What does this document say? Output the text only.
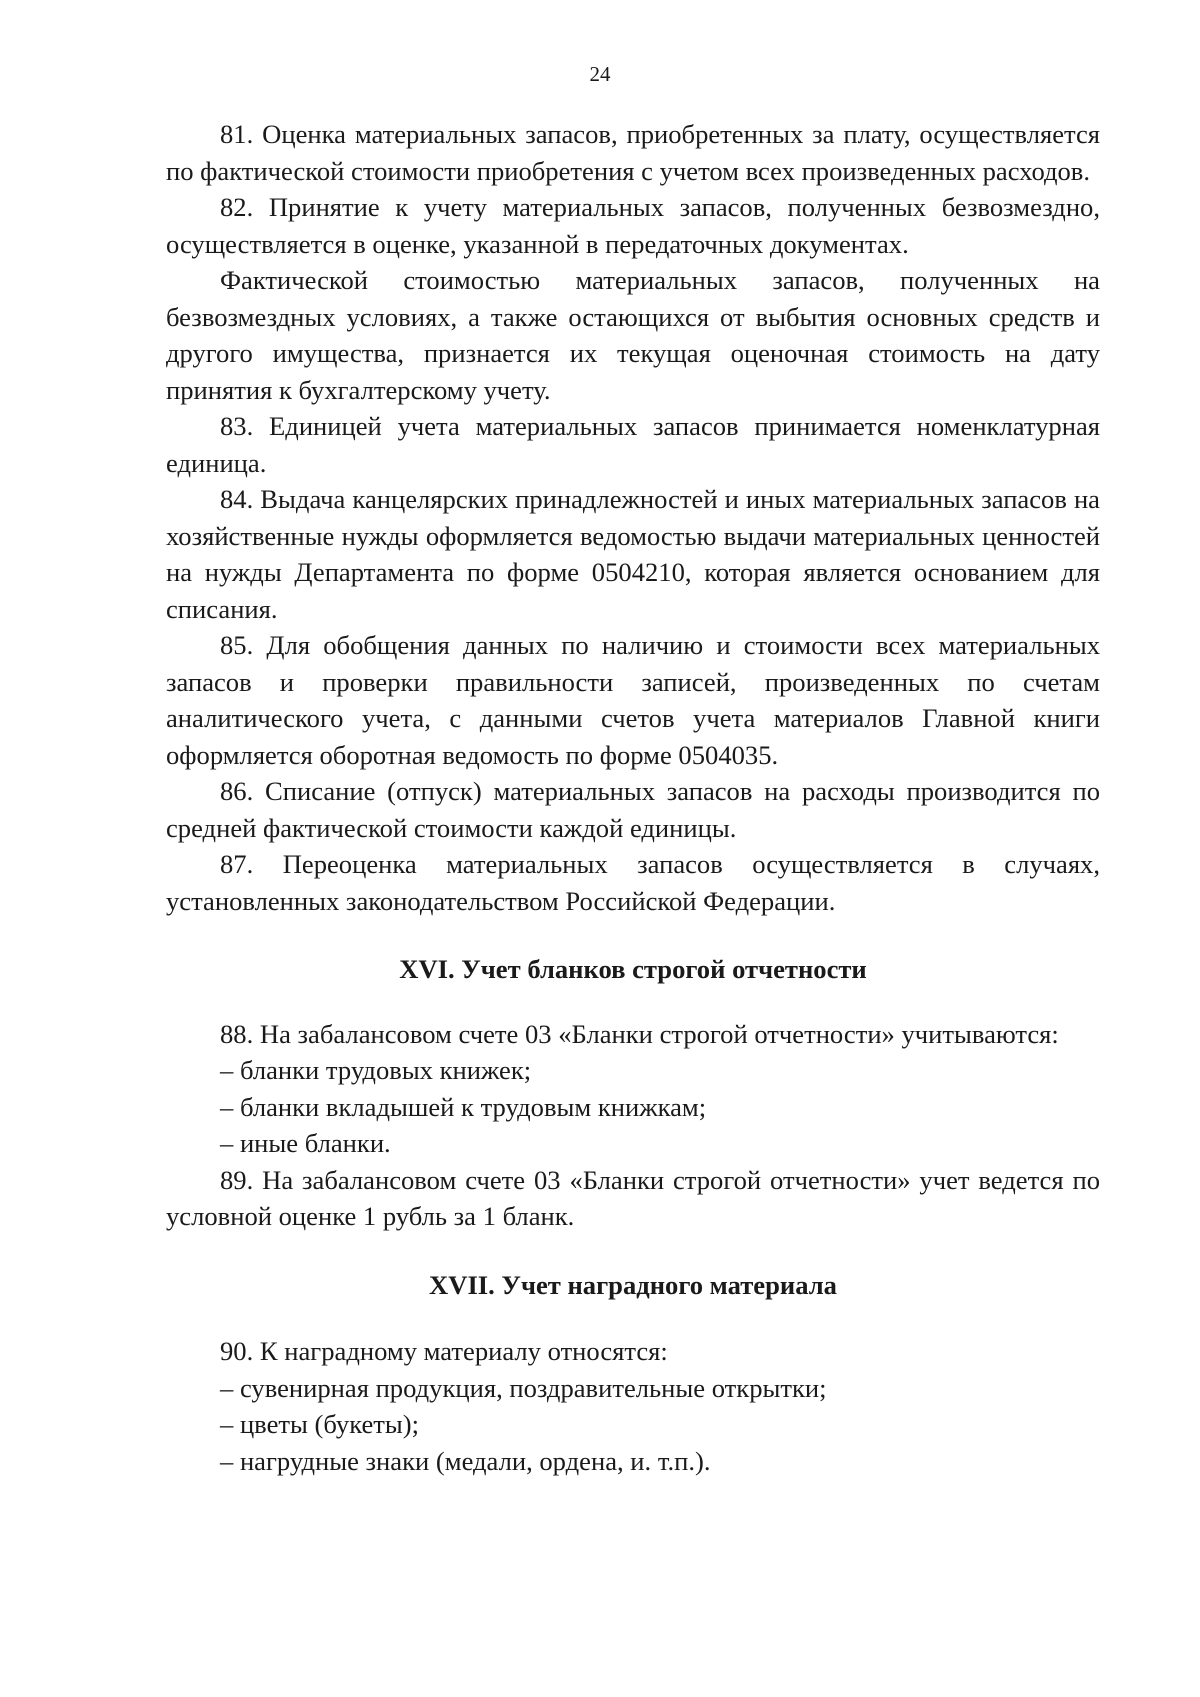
24

81. Оценка материальных запасов, приобретенных за плату, осуществляется по фактической стоимости приобретения с учетом всех произведенных расходов.

82. Принятие к учету материальных запасов, полученных безвозмездно, осуществляется в оценке, указанной в передаточных документах.

Фактической стоимостью материальных запасов, полученных на безвозмездных условиях, а также остающихся от выбытия основных средств и другого имущества, признается их текущая оценочная стоимость на дату принятия к бухгалтерскому учету.

83. Единицей учета материальных запасов принимается номенклатурная единица.

84. Выдача канцелярских принадлежностей и иных материальных запасов на хозяйственные нужды оформляется ведомостью выдачи материальных ценностей на нужды Департамента по форме 0504210, которая является основанием для списания.

85. Для обобщения данных по наличию и стоимости всех материальных запасов и проверки правильности записей, произведенных по счетам аналитического учета, с данными счетов учета материалов Главной книги оформляется оборотная ведомость по форме 0504035.

86. Списание (отпуск) материальных запасов на расходы производится по средней фактической стоимости каждой единицы.

87. Переоценка материальных запасов осуществляется в случаях, установленных законодательством Российской Федерации.

XVI. Учет бланков строгой отчетности

88. На забалансовом счете 03 «Бланки строгой отчетности» учитываются:

– бланки трудовых книжек;

– бланки вкладышей к трудовым книжкам;

– иные бланки.

89. На забалансовом счете 03 «Бланки строгой отчетности» учет ведется по условной оценке 1 рубль за 1 бланк.

XVII. Учет наградного материала

90. К наградному материалу относятся:

– сувенирная продукция, поздравительные открытки;

– цветы (букеты);

– нагрудные знаки (медали, ордена, и. т.п.).
